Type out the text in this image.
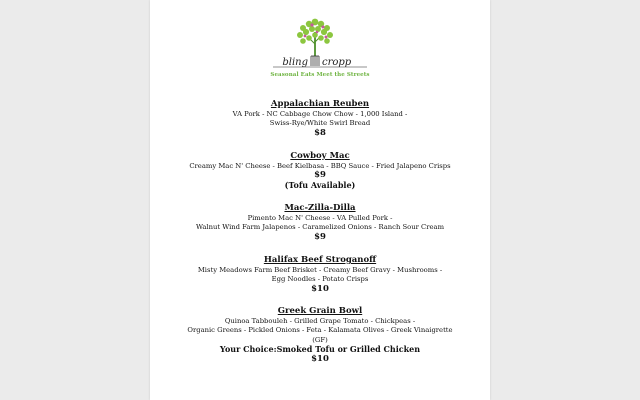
bling cropp
Seasonal Eats Meet the Streets
Appalachian Reuben
VA Pork - NC Cabbage Chow Chow - 1,000 Island -
Swiss-Rye/White Swirl Bread
$8
Cowboy Mac
Creamy Mac N' Cheese - Beef Kielbasa - BBQ Sauce - Fried Jalapeno Crisps
$9
(Tofu Available)
Mac-Zilla-Dilla
Pimento Mac N' Cheese - VA Pulled Pork -
Walnut Wind Farm Jalapenos - Caramelized Onions - Ranch Sour Cream
$9
Halifax Beef Stroganoff
Misty Meadows Farm Beef Brisket - Creamy Beef Gravy - Mushrooms -
Egg Noodles - Potato Crisps
$10
Greek Grain Bowl
Quinoa Tabbouleh - Grilled Grape Tomato - Chickpeas -
Organic Greens - Pickled Onions - Feta - Kalamata Olives - Greek Vinaigrette
(GF)
Your Choice:Smoked Tofu or Grilled Chicken
$10
